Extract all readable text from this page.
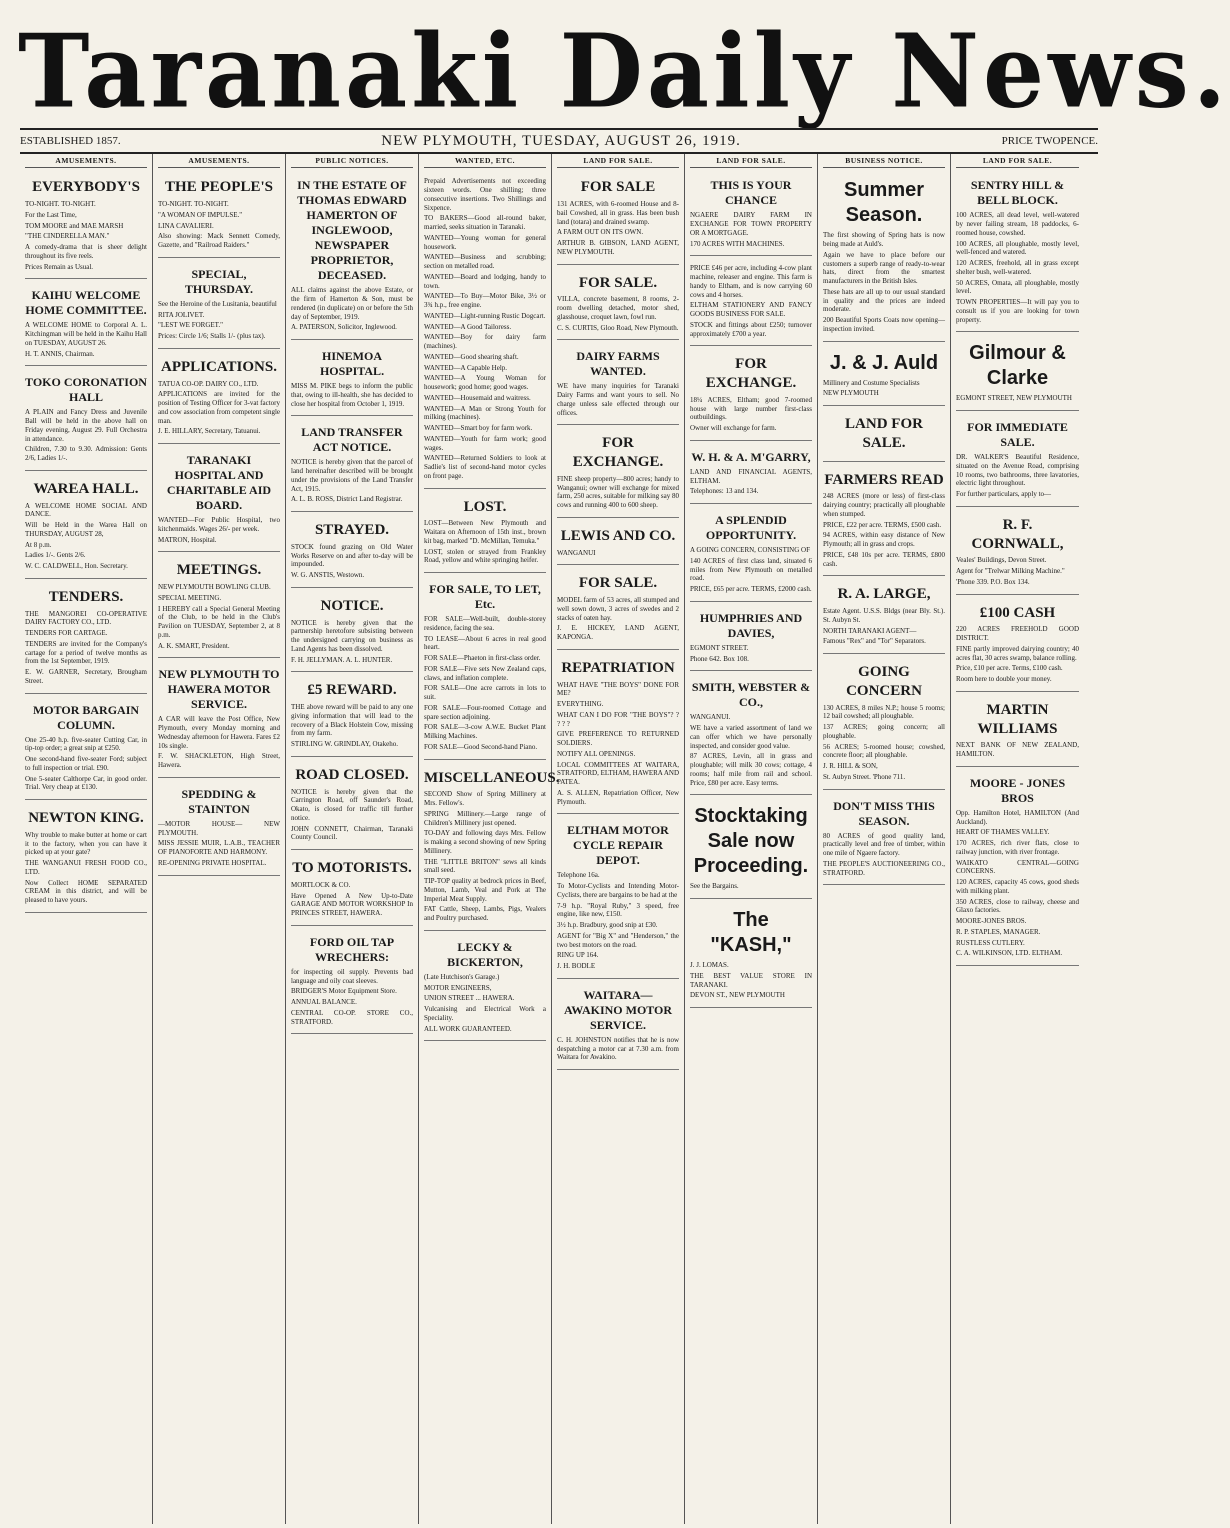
Taranaki Daily News.
ESTABLISHED 1857.	NEW PLYMOUTH, TUESDAY, AUGUST 26, 1919.	PRICE TWOPENCE.
AMUSEMENTS.
EVERYBODY'S

TO-NIGHT. TO-NIGHT.

For the Last Time,

TOM MOORE and MAE MARSH

"THE CINDERELLA MAN."

A comedy-drama that is sheer delight throughout its five reels.

Prices Remain as Usual.

KAIHU WELCOME HOME COMMITTEE.

A WELCOME HOME to Corporal A. L. Kitchingman will be held in the Kaihu Hall on TUESDAY, AUGUST 26.

H. T. ANNIS, Chairman.

TOKO CORONATION HALL

A PLAIN and Fancy Dress and Juvenile Ball will be held in the above hall on Friday evening, August 29. Full Orchestra in attendance.

Children, 7.30 to 9.30. Admission: Gents 2/6, Ladies 1/-.

WAREA HALL.

A WELCOME HOME SOCIAL AND DANCE.

Will be Held in the Warea Hall on THURSDAY, AUGUST 28,

At 8 p.m.

Ladies 1/-. Gents 2/6.

W. C. CALDWELL, Hon. Secretary.

TENDERS.

THE MANGOREI CO-OPERATIVE DAIRY FACTORY CO., LTD.

TENDERS FOR CARTAGE.

TENDERS are invited for the Company's cartage for a period of twelve months as from the 1st September, 1919.

E. W. GARNER, Secretary, Brougham Street.

MOTOR BARGAIN COLUMN.

One 25-40 h.p. five-seater Cutting Car, in tip-top order; a great snip at £250.

One second-hand five-seater Ford; subject to full inspection or trial. £90.

One 5-seater Calthorpe Car, in good order. Trial. Very cheap at £130.

NEWTON KING.

Why trouble to make butter at home or cart it to the factory, when you can have it picked up at your gate?

THE WANGANUI FRESH FOOD CO., LTD.

Now Collect HOME SEPARATED CREAM in this district, and will be pleased to have yours.

AMUSEMENTS.
THE PEOPLE'S

TO-NIGHT. TO-NIGHT.

"A WOMAN OF IMPULSE."

LINA CAVALIERI.

Also showing: Mack Sennett Comedy, Gazette, and "Railroad Raiders."

SPECIAL, THURSDAY.

See the Heroine of the Lusitania, beautiful

RITA JOLIVET.

"LEST WE FORGET."

Prices: Circle 1/6; Stalls 1/- (plus tax).

APPLICATIONS.

TATUA CO-OP. DAIRY CO., LTD.

APPLICATIONS are invited for the position of Testing Officer for 3-vat factory and cow association from competent single man.

J. E. HILLARY, Secretary, Tatuanui.

TARANAKI HOSPITAL AND CHARITABLE AID BOARD.

WANTED—For Public Hospital, two kitchenmaids. Wages 26/- per week.

MATRON, Hospital.

MEETINGS.

NEW PLYMOUTH BOWLING CLUB.

SPECIAL MEETING.

I HEREBY call a Special General Meeting of the Club, to be held in the Club's Pavilion on TUESDAY, September 2, at 8 p.m.

A. K. SMART, President.

NEW PLYMOUTH TO HAWERA MOTOR SERVICE.

A CAR will leave the Post Office, New Plymouth, every Monday morning and Wednesday afternoon for Hawera. Fares £2 10s single.

F. W. SHACKLETON, High Street, Hawera.

SPEDDING & STAINTON

—MOTOR HOUSE— NEW PLYMOUTH.

MISS JESSIE MUIR, L.A.B., TEACHER OF PIANOFORTE AND HARMONY.

RE-OPENING PRIVATE HOSPITAL.

PUBLIC NOTICES.
IN THE ESTATE OF THOMAS EDWARD HAMERTON OF INGLEWOOD, NEWSPAPER PROPRIETOR, DECEASED.

ALL claims against the above Estate, or the firm of Hamerton & Son, must be rendered (in duplicate) on or before the 5th day of September, 1919.

A. PATERSON, Solicitor, Inglewood.

HINEMOA HOSPITAL.

MISS M. PIKE begs to inform the public that, owing to ill-health, she has decided to close her hospital from October 1, 1919.

LAND TRANSFER ACT NOTICE.

NOTICE is hereby given that the parcel of land hereinafter described will be brought under the provisions of the Land Transfer Act, 1915.

A. L. B. ROSS, District Land Registrar.

STRAYED.

STOCK found grazing on Old Water Works Reserve on and after to-day will be impounded.

W. G. ANSTIS, Westown.

NOTICE.

NOTICE is hereby given that the partnership heretofore subsisting between the undersigned carrying on business as Land Agents has been dissolved.

F. H. JELLYMAN. A. L. HUNTER.

£5 REWARD.

THE above reward will be paid to any one giving information that will lead to the recovery of a Black Holstein Cow, missing from my farm.

STIRLING W. GRINDLAY, Otakeho.

ROAD CLOSED.

NOTICE is hereby given that the Carrington Road, off Saunder's Road, Okato, is closed for traffic till further notice.

JOHN CONNETT, Chairman, Taranaki County Council.

TO MOTORISTS.

MORTLOCK & CO.

Have Opened A New Up-to-Date GARAGE AND MOTOR WORKSHOP In PRINCES STREET, HAWERA.

FORD OIL TAP WRECHERS:

for inspecting oil supply. Prevents bad language and oily coat sleeves.

BRIDGER'S Motor Equipment Store.

ANNUAL BALANCE.

CENTRAL CO-OP. STORE CO., STRATFORD.

WANTED, ETC.

Prepaid Advertisements not exceeding sixteen words. One shilling; three consecutive insertions. Two Shillings and Sixpence.

TO BAKERS—Good all-round baker, married, seeks situation in Taranaki.

WANTED—Young woman for general housework.

WANTED—Business and scrubbing; section on metalled road.

WANTED—Board and lodging, handy to town.

WANTED—To Buy—Motor Bike, 3½ or 3¾ h.p., free engine.

WANTED—Light-running Rustic Dogcart.

WANTED—A Good Tailoress.

WANTED—Boy for dairy farm (machines).

WANTED—Good shearing shaft.

WANTED—A Capable Help.

WANTED—A Young Woman for housework; good home; good wages.

WANTED—Housemaid and waitress.

WANTED—A Man or Strong Youth for milking (machines).

WANTED—Smart boy for farm work.

WANTED—Youth for farm work; good wages.

WANTED—Returned Soldiers to look at Sadlie's list of second-hand motor cycles on front page.

LOST.

LOST—Between New Plymouth and Waitara on Afternoon of 15th inst., brown kit bag, marked "D. McMillan, Temuka."

LOST, stolen or strayed from Frankley Road, yellow and white springing heifer.

FOR SALE, TO LET, Etc.

FOR SALE—Well-built, double-storey residence, facing the sea.

TO LEASE—About 6 acres in real good heart.

FOR SALE—Phaeton in first-class order.

FOR SALE—Five sets New Zealand caps, claws, and inflation complete.

FOR SALE—One acre carrots in lots to suit.

FOR SALE—Four-roomed Cottage and spare section adjoining.

FOR SALE—3-cow A.W.E. Bucket Plant Milking Machines.

FOR SALE—Good Second-hand Piano.

MISCELLANEOUS.

SECOND Show of Spring Millinery at Mrs. Fellow's.

SPRING Millinery.—Large range of Children's Millinery just opened.

TO-DAY and following days Mrs. Fellow is making a second showing of new Spring Millinery.

THE "LITTLE BRITON" sews all kinds small seed.

TIP-TOP quality at bedrock prices in Beef, Mutton, Lamb, Veal and Pork at The Imperial Meat Supply.

FAT Cattle, Sheep, Lambs, Pigs, Vealers and Poultry purchased.

LECKY & BICKERTON,

(Late Hutchison's Garage.)

MOTOR ENGINEERS,

UNION STREET ... HAWERA.

Vulcanising and Electrical Work a Speciality.

ALL WORK GUARANTEED.

LAND FOR SALE.
FOR SALE

131 ACRES, with 6-roomed House and 8-bail Cowshed, all in grass. Has been bush land (totara) and drained swamp.

A FARM OUT ON ITS OWN.

ARTHUR B. GIBSON, LAND AGENT, NEW PLYMOUTH.

FOR SALE.

VILLA, concrete basement, 8 rooms, 2-room dwelling detached, motor shed, glasshouse, croquet lawn, fowl run.

C. S. CURTIS, Gloo Road, New Plymouth.

DAIRY FARMS WANTED.

WE have many inquiries for Taranaki Dairy Farms and want yours to sell. No charge unless sale effected through our offices.

FOR EXCHANGE.

FINE sheep property—800 acres; handy to Wanganui; owner will exchange for mixed farm, 250 acres, suitable for milking say 80 cows and running 400 to 600 sheep.

LEWIS AND CO.

WANGANUI

FOR SALE.

MODEL farm of 53 acres, all stumped and well sown down, 3 acres of swedes and 2 stacks of oaten hay.

J. E. HICKEY, LAND AGENT, KAPONGA.

REPATRIATION

WHAT HAVE "THE BOYS" DONE FOR ME?

EVERYTHING.

WHAT CAN I DO FOR "THE BOYS"? ? ? ? ?

GIVE PREFERENCE TO RETURNED SOLDIERS.

NOTIFY ALL OPENINGS.

LOCAL COMMITTEES AT WAITARA, STRATFORD, ELTHAM, HAWERA AND PATEA.

A. S. ALLEN, Repatriation Officer, New Plymouth.

ELTHAM MOTOR CYCLE REPAIR DEPOT.

Telephone 16a.

To Motor-Cyclists and Intending Motor-Cyclists, there are bargains to be had at the

7-9 h.p. "Royal Ruby," 3 speed, free engine, like new, £150.

3½ h.p. Bradbury, good snip at £30.

AGENT for "Big X" and "Henderson," the two best motors on the road.

RING UP 164.

J. H. BODLE

WAITARA—AWAKINO MOTOR SERVICE.

C. H. JOHNSTON notifies that he is now despatching a motor car at 7.30 a.m. from Waitara for Awakino.

LAND FOR SALE.
THIS IS YOUR CHANCE

NGAERE DAIRY FARM IN EXCHANGE FOR TOWN PROPERTY OR A MORTGAGE.

170 ACRES WITH MACHINES.

PRICE £46 per acre, including 4-cow plant machine, releaser and engine. This farm is handy to Eltham, and is now carrying 60 cows and 4 horses.

ELTHAM STATIONERY AND FANCY GOODS BUSINESS FOR SALE.

STOCK and fittings about £250; turnover approximately £700 a year.

FOR EXCHANGE.

18¼ ACRES, Eltham; good 7-roomed house with large number first-class outbuildings.

Owner will exchange for farm.

W. H. & A. M'GARRY,

LAND AND FINANCIAL AGENTS, ELTHAM.

Telephones: 13 and 134.

A SPLENDID OPPORTUNITY.

A GOING CONCERN, CONSISTING OF

140 ACRES of first class land, situated 6 miles from New Plymouth on metalled road.

PRICE, £65 per acre. TERMS, £2000 cash.

HUMPHRIES AND DAVIES,

EGMONT STREET.

Phone 642. Box 108.

SMITH, WEBSTER & CO.,

WANGANUI.

WE have a varied assortment of land we can offer which we have personally inspected, and consider good value.

87 ACRES, Levin, all in grass and ploughable; will milk 30 cows; cottage, 4 rooms; half mile from rail and school. Price, £80 per acre. Easy terms.

Stocktaking Sale now Proceeding.

See the Bargains.

The "KASH,"

J. J. LOMAS.

THE BEST VALUE STORE IN TARANAKI.

DEVON ST., NEW PLYMOUTH

BUSINESS NOTICE.
Summer Season.

The first showing of Spring hats is now being made at Auld's.

Again we have to place before our customers a superb range of ready-to-wear hats, direct from the smartest manufacturers in the British Isles.

These hats are all up to our usual standard in quality and the prices are indeed moderate.

200 Beautiful Sports Coats now opening—inspection invited.

J. & J. Auld

Millinery and Costume Specialists

NEW PLYMOUTH

LAND FOR SALE.
FARMERS READ

248 ACRES (more or less) of first-class dairying country; practically all ploughable when stumped.

PRICE, £22 per acre. TERMS, £500 cash.

94 ACRES, within easy distance of New Plymouth; all in grass and crops.

PRICE, £48 10s per acre. TERMS, £800 cash.

R. A. LARGE,

Estate Agent. U.S.S. Bldgs (near Bly. St.). St. Aubyn St.

NORTH TARANAKI AGENT—

Famous "Rex" and "Tor" Separators.

GOING CONCERN

130 ACRES, 8 miles N.P.; house 5 rooms; 12 bail cowshed; all ploughable.

137 ACRES; going concern; all ploughable.

56 ACRES; 5-roomed house; cowshed, concrete floor; all ploughable.

J. R. HILL & SON,

St. Aubyn Street. 'Phone 711.

DON'T MISS THIS SEASON.

80 ACRES of good quality land, practically level and free of timber, within one mile of Ngaere factory.

THE PEOPLE'S AUCTIONEERING CO., STRATFORD.

LAND FOR SALE.
SENTRY HILL & BELL BLOCK.

100 ACRES, all dead level, well-watered by never failing stream, 18 paddocks, 6-roomed house, cowshed.

100 ACRES, all ploughable, mostly level, well-fenced and watered.

120 ACRES, freehold, all in grass except shelter bush, well-watered.

50 ACRES, Omata, all ploughable, mostly level.

TOWN PROPERTIES—It will pay you to consult us if you are looking for town property.

Gilmour & Clarke

EGMONT STREET, NEW PLYMOUTH

FOR IMMEDIATE SALE.

DR. WALKER'S Beautiful Residence, situated on the Avenue Road, comprising 10 rooms, two bathrooms, three lavatories, electric light throughout.

For further particulars, apply to—

R. F. CORNWALL,

Veales' Buildings, Devon Street.

Agent for "Trelwar Milking Machine."

'Phone 339. P.O. Box 134.

£100 CASH

220 ACRES FREEHOLD GOOD DISTRICT.

FINE partly improved dairying country; 40 acres flat, 30 acres swamp, balance rolling.

Price, £10 per acre. Terms, £100 cash.

Room here to double your money.

MARTIN WILLIAMS

NEXT BANK OF NEW ZEALAND, HAMILTON.

MOORE - JONES BROS

Opp. Hamilton Hotel, HAMILTON (And Auckland).

HEART OF THAMES VALLEY.

170 ACRES, rich river flats, close to railway junction, with river frontage.

WAIKATO CENTRAL—GOING CONCERNS.

120 ACRES, capacity 45 cows, good sheds with milking plant.

350 ACRES, close to railway, cheese and Glaxo factories.

MOORE-JONES BROS.

R. P. STAPLES, MANAGER.

RUSTLESS CUTLERY.

C. A. WILKINSON, LTD. ELTHAM.
